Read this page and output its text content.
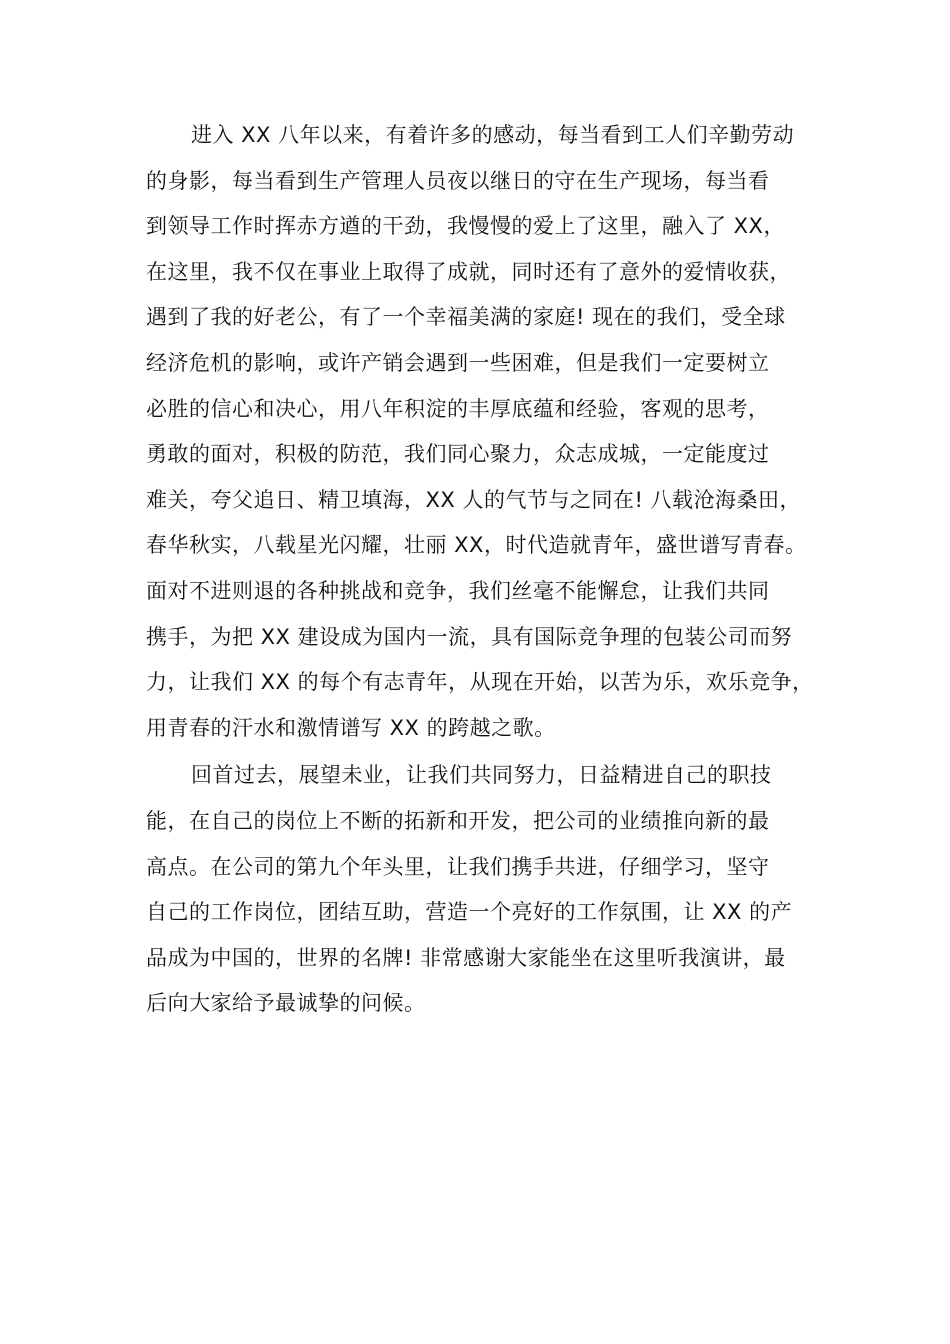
进入 XX 八年以来，有着许多的感动，每当看到工人们辛勤劳动
的身影，每当看到生产管理人员夜以继日的守在生产现场，每当看
到领导工作时挥赤方遒的干劲，我慢慢的爱上了这里，融入了 XX，
在这里，我不仅在事业上取得了成就，同时还有了意外的爱情收获，
遇到了我的好老公，有了一个幸福美满的家庭! 现在的我们，受全球
经济危机的影响，或许产销会遇到一些困难，但是我们一定要树立
必胜的信心和决心，用八年积淀的丰厚底蕴和经验，客观的思考，
勇敢的面对，积极的防范，我们同心聚力，众志成城，一定能度过
难关，夸父追日、精卫填海，XX 人的气节与之同在! 八载沧海桑田，
春华秋实，八载星光闪耀，壮丽 XX，时代造就青年，盛世谱写青春。
面对不进则退的各种挑战和竞争，我们丝毫不能懈怠，让我们共同
携手，为把 XX 建设成为国内一流，具有国际竞争理的包装公司而努
力，让我们 XX 的每个有志青年，从现在开始，以苦为乐，欢乐竞争，
用青春的汗水和激情谱写 XX 的跨越之歌。
回首过去，展望未业，让我们共同努力，日益精进自己的职技
能，在自己的岗位上不断的拓新和开发，把公司的业绩推向新的最
高点。在公司的第九个年头里，让我们携手共进，仔细学习，坚守
自己的工作岗位，团结互助，营造一个亮好的工作氛围，让 XX 的产
品成为中国的，世界的名牌! 非常感谢大家能坐在这里听我演讲，最
后向大家给予最诚挚的问候。
